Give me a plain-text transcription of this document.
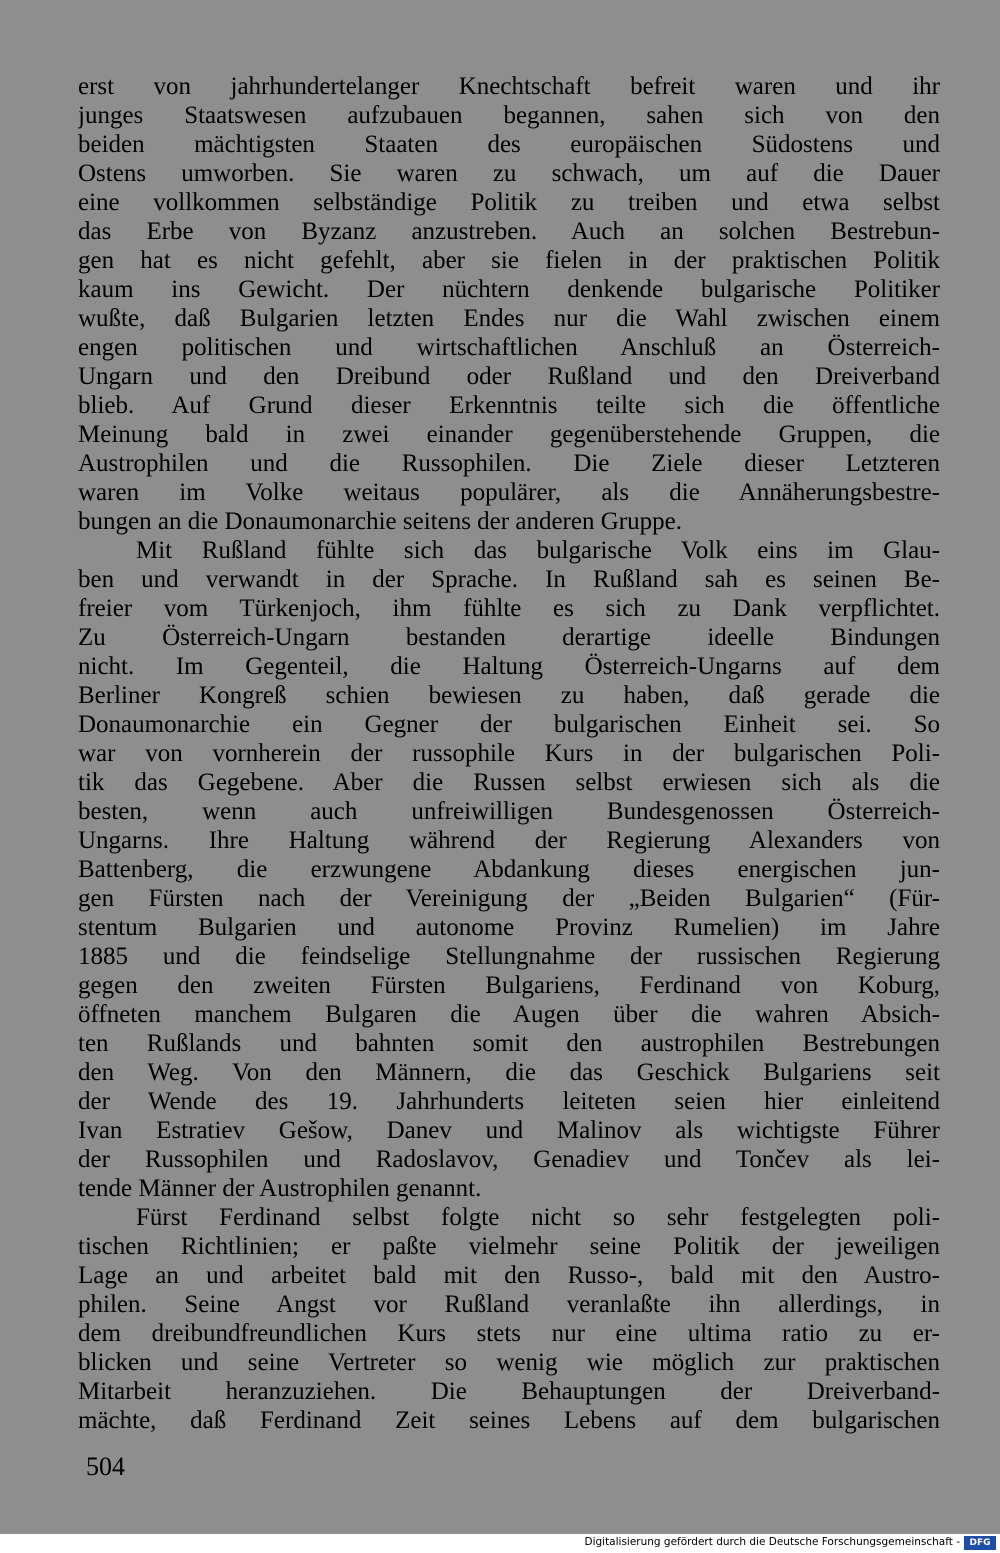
erst von jahrhundertelanger Knechtschaft befreit waren und ihr
junges Staatswesen aufzubauen begannen, sahen sich von den
beiden mächtigsten Staaten des europäischen Südostens und
Ostens umworben. Sie waren zu schwach, um auf die Dauer
eine vollkommen selbständige Politik zu treiben und etwa selbst
das Erbe von Byzanz anzustreben. Auch an solchen Bestrebun-
gen hat es nicht gefehlt, aber sie fielen in der praktischen Politik
kaum ins Gewicht. Der nüchtern denkende bulgarische Politiker
wußte, daß Bulgarien letzten Endes nur die Wahl zwischen einem
engen politischen und wirtschaftlichen Anschluß an Österreich-
Ungarn und den Dreibund oder Rußland und den Dreiverband
blieb. Auf Grund dieser Erkenntnis teilte sich die öffentliche
Meinung bald in zwei einander gegenüberstehende Gruppen, die
Austrophilen und die Russophilen. Die Ziele dieser Letzteren
waren im Volke weitaus populärer, als die Annäherungsbestre-
bungen an die Donaumonarchie seitens der anderen Gruppe.
Mit Rußland fühlte sich das bulgarische Volk eins im Glau-
ben und verwandt in der Sprache. In Rußland sah es seinen Be-
freier vom Türkenjoch, ihm fühlte es sich zu Dank verpflichtet.
Zu Österreich-Ungarn bestanden derartige ideelle Bindungen
nicht. Im Gegenteil, die Haltung Österreich-Ungarns auf dem
Berliner Kongreß schien bewiesen zu haben, daß gerade die
Donaumonarchie ein Gegner der bulgarischen Einheit sei. So
war von vornherein der russophile Kurs in der bulgarischen Poli-
tik das Gegebene. Aber die Russen selbst erwiesen sich als die
besten, wenn auch unfreiwilligen Bundesgenossen Österreich-
Ungarns. Ihre Haltung während der Regierung Alexanders von
Battenberg, die erzwungene Abdankung dieses energischen jun-
gen Fürsten nach der Vereinigung der „Beiden Bulgarien“ (Für-
stentum Bulgarien und autonome Provinz Rumelien) im Jahre
1885 und die feindselige Stellungnahme der russischen Regierung
gegen den zweiten Fürsten Bulgariens, Ferdinand von Koburg,
öffneten manchem Bulgaren die Augen über die wahren Absich-
ten Rußlands und bahnten somit den austrophilen Bestrebungen
den Weg. Von den Männern, die das Geschick Bulgariens seit
der Wende des 19. Jahrhunderts leiteten seien hier einleitend
Ivan Estratiev Gešow, Danev und Malinov als wichtigste Führer
der Russophilen und Radoslavov, Genadiev und Tončev als lei-
tende Männer der Austrophilen genannt.
Fürst Ferdinand selbst folgte nicht so sehr festgelegten poli-
tischen Richtlinien; er paßte vielmehr seine Politik der jeweiligen
Lage an und arbeitet bald mit den Russo-, bald mit den Austro-
philen. Seine Angst vor Rußland veranlaßte ihn allerdings, in
dem dreibundfreundlichen Kurs stets nur eine ultima ratio zu er-
blicken und seine Vertreter so wenig wie möglich zur praktischen
Mitarbeit heranzuziehen. Die Behauptungen der Dreiverband-
mächte, daß Ferdinand Zeit seines Lebens auf dem bulgarischen
504
Digitalisierung gefördert durch die Deutsche Forschungsgemeinschaft -	DFG
